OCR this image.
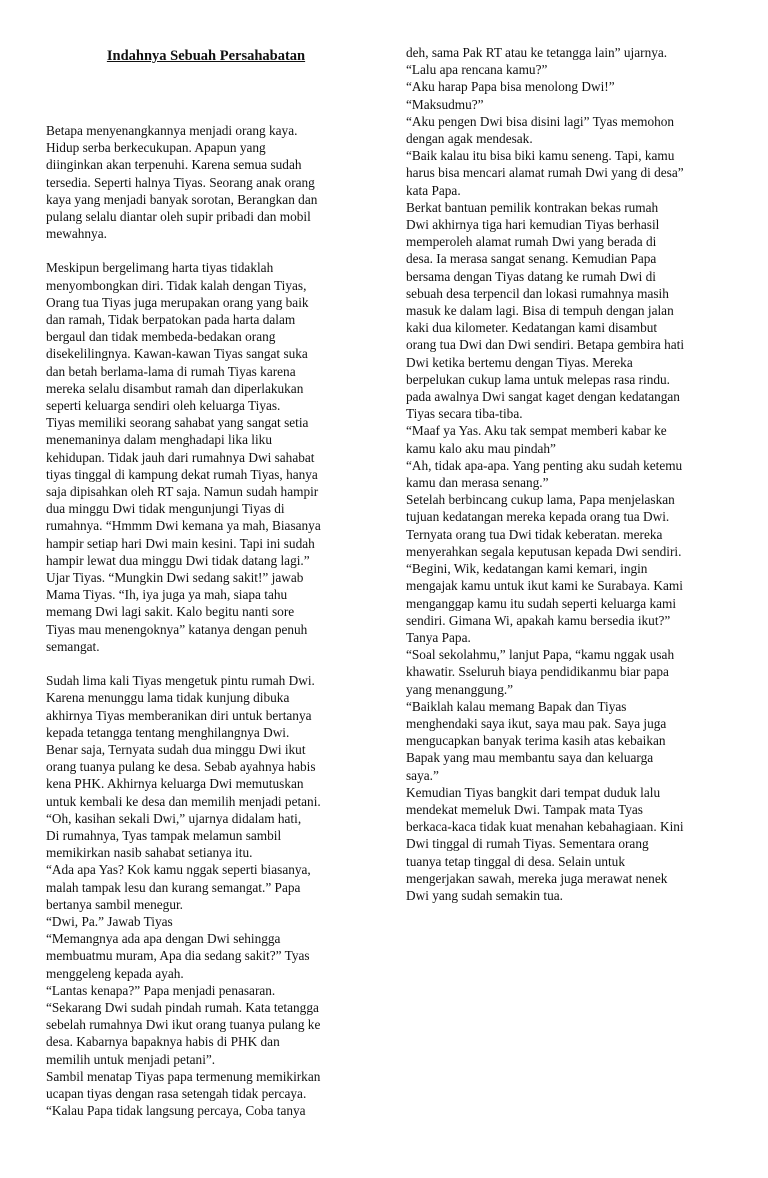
Indahnya Sebuah Persahabatan

Betapa menyenangkannya menjadi orang kaya.
Hidup serba berkecukupan. Apapun yang
diinginkan akan terpenuhi. Karena semua sudah
tersedia. Seperti halnya Tiyas. Seorang anak orang
kaya yang menjadi banyak sorotan, Berangkan dan
pulang selalu diantar oleh supir pribadi dan mobil
mewahnya.

Meskipun bergelimang harta tiyas tidaklah
menyombongkan diri. Tidak kalah dengan Tiyas,
Orang tua Tiyas juga merupakan orang yang baik
dan ramah, Tidak berpatokan pada harta dalam
bergaul dan tidak membeda-bedakan orang
disekelilingnya. Kawan-kawan Tiyas sangat suka
dan betah berlama-lama di rumah Tiyas karena
mereka selalu disambut ramah dan diperlakukan
seperti keluarga sendiri oleh keluarga Tiyas.
Tiyas memiliki seorang sahabat yang sangat setia
menemaninya dalam menghadapi lika liku
kehidupan. Tidak jauh dari rumahnya Dwi sahabat
tiyas tinggal di kampung dekat rumah Tiyas, hanya
saja dipisahkan oleh RT saja. Namun sudah hampir
dua minggu Dwi tidak mengunjungi Tiyas di
rumahnya. “Hmmm Dwi kemana ya mah, Biasanya
hampir setiap hari Dwi main kesini. Tapi ini sudah
hampir lewat dua minggu Dwi tidak datang lagi.”
Ujar Tiyas. “Mungkin Dwi sedang sakit!” jawab
Mama Tiyas. “Ih, iya juga ya mah, siapa tahu
memang Dwi lagi sakit. Kalo begitu nanti sore
Tiyas mau menengoknya” katanya dengan penuh
semangat.

Sudah lima kali Tiyas mengetuk pintu rumah Dwi.
Karena menunggu lama tidak kunjung dibuka
akhirnya Tiyas memberanikan diri untuk bertanya
kepada tetangga tentang menghilangnya Dwi.
Benar saja, Ternyata sudah dua minggu Dwi ikut
orang tuanya pulang ke desa. Sebab ayahnya habis
kena PHK. Akhirnya keluarga Dwi memutuskan
untuk kembali ke desa dan memilih menjadi petani.
“Oh, kasihan sekali Dwi,” ujarnya didalam hati,
Di rumahnya, Tyas tampak melamun sambil
memikirkan nasib sahabat setianya itu.
“Ada apa Yas? Kok kamu nggak seperti biasanya,
malah tampak lesu dan kurang semangat.” Papa
bertanya sambil menegur.
“Dwi, Pa.” Jawab Tiyas
“Memangnya ada apa dengan Dwi sehingga
membuatmu muram, Apa dia sedang sakit?” Tyas
menggeleng kepada ayah.
“Lantas kenapa?” Papa menjadi penasaran.
“Sekarang Dwi sudah pindah rumah. Kata tetangga
sebelah rumahnya Dwi ikut orang tuanya pulang ke
desa. Kabarnya bapaknya habis di PHK dan
memilih untuk menjadi petani”.
Sambil menatap Tiyas papa termenung memikirkan
ucapan tiyas dengan rasa setengah tidak percaya.
“Kalau Papa tidak langsung percaya, Coba tanya

deh, sama Pak RT atau ke tetangga lain” ujarnya.
“Lalu apa rencana kamu?”
“Aku harap Papa bisa menolong Dwi!”
“Maksudmu?”
“Aku pengen Dwi bisa disini lagi” Tyas memohon
dengan agak mendesak.
“Baik kalau itu bisa biki kamu seneng. Tapi, kamu
harus bisa mencari alamat rumah Dwi yang di desa”
kata Papa.
Berkat bantuan pemilik kontrakan bekas rumah
Dwi akhirnya tiga hari kemudian Tiyas berhasil
memperoleh alamat rumah Dwi yang berada di
desa. Ia merasa sangat senang. Kemudian Papa
bersama dengan Tiyas datang ke rumah Dwi di
sebuah desa terpencil dan lokasi rumahnya masih
masuk ke dalam lagi. Bisa di tempuh dengan jalan
kaki dua kilometer. Kedatangan kami disambut
orang tua Dwi dan Dwi sendiri. Betapa gembira hati
Dwi ketika bertemu dengan Tiyas. Mereka
berpelukan cukup lama untuk melepas rasa rindu.
pada awalnya Dwi sangat kaget dengan kedatangan
Tiyas secara tiba-tiba.
“Maaf ya Yas. Aku tak sempat memberi kabar ke
kamu kalo aku mau pindah”
“Ah, tidak apa-apa. Yang penting aku sudah ketemu
kamu dan merasa senang.”
Setelah berbincang cukup lama, Papa menjelaskan
tujuan kedatangan mereka kepada orang tua Dwi.
Ternyata orang tua Dwi tidak keberatan. mereka
menyerahkan segala keputusan kepada Dwi sendiri.
“Begini, Wik, kedatangan kami kemari, ingin
mengajak kamu untuk ikut kami ke Surabaya. Kami
menganggap kamu itu sudah seperti keluarga kami
sendiri. Gimana Wi, apakah kamu bersedia ikut?”
Tanya Papa.
“Soal sekolahmu,” lanjut Papa, “kamu nggak usah
khawatir. Sseluruh biaya pendidikanmu biar papa
yang menanggung.”
“Baiklah kalau memang Bapak dan Tiyas
menghendaki saya ikut, saya mau pak. Saya juga
mengucapkan banyak terima kasih atas kebaikan
Bapak yang mau membantu saya dan keluarga
saya.”
Kemudian Tiyas bangkit dari tempat duduk lalu
mendekat memeluk Dwi. Tampak mata Tyas
berkaca-kaca tidak kuat menahan kebahagiaan. Kini
Dwi tinggal di rumah Tiyas. Sementara orang
tuanya tetap tinggal di desa. Selain untuk
mengerjakan sawah, mereka juga merawat nenek
Dwi yang sudah semakin tua.
